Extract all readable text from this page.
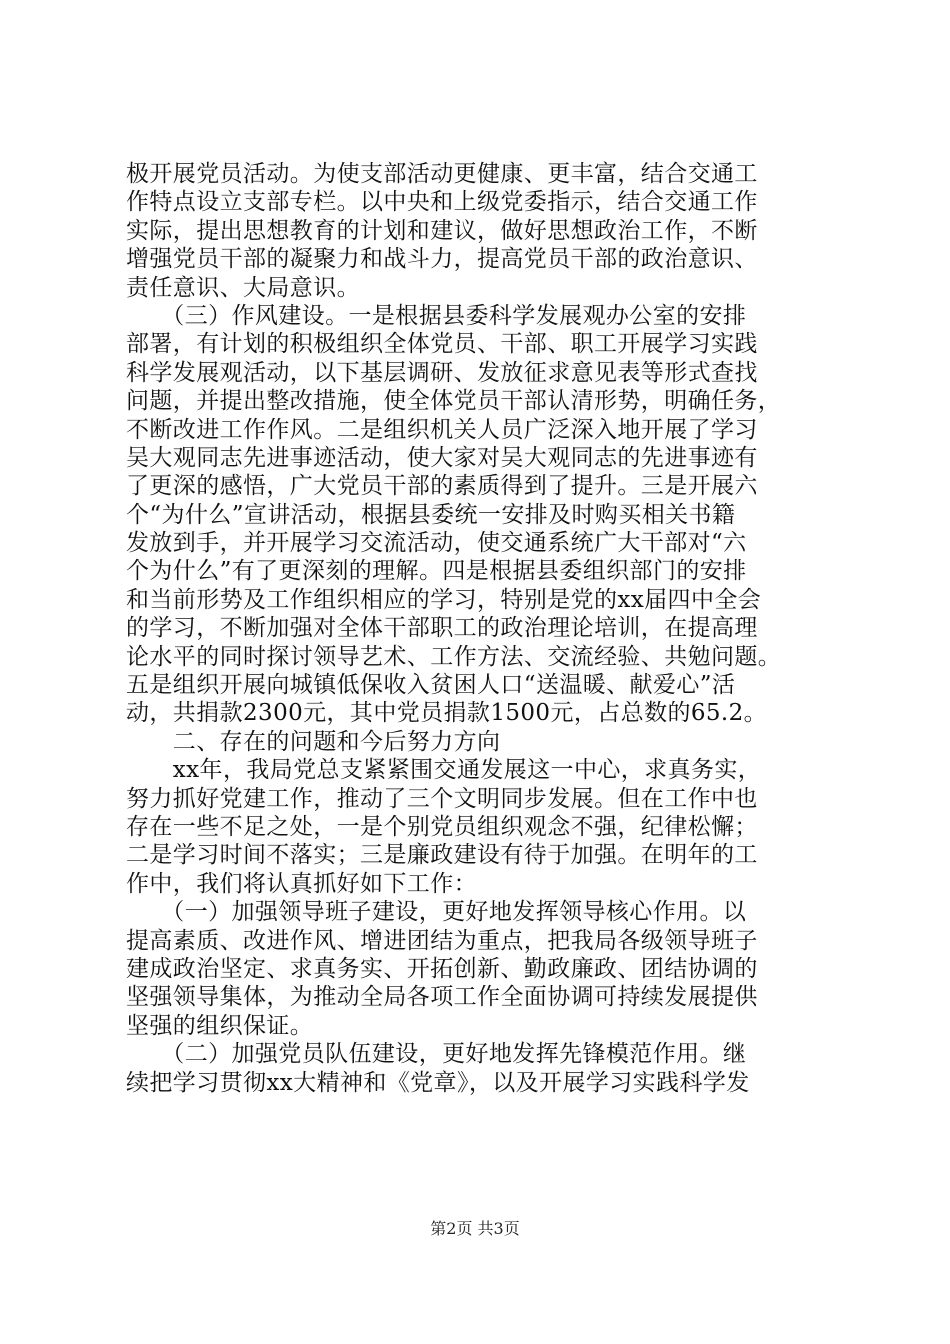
极开展党员活动。为使支部活动更健康、更丰富，结合交通工
作特点设立支部专栏。以中央和上级党委指示，结合交通工作
实际，提出思想教育的计划和建议，做好思想政治工作，不断
增强党员干部的凝聚力和战斗力，提高党员干部的政治意识、
责任意识、大局意识。
　　（三）作风建设。一是根据县委科学发展观办公室的安排
部署，有计划的积极组织全体党员、干部、职工开展学习实践
科学发展观活动，以下基层调研、发放征求意见表等形式查找
问题，并提出整改措施，使全体党员干部认清形势，明确任务，
不断改进工作作风。二是组织机关人员广泛深入地开展了学习
吴大观同志先进事迹活动，使大家对吴大观同志的先进事迹有
了更深的感悟，广大党员干部的素质得到了提升。三是开展六
个“为什么”宣讲活动，根据县委统一安排及时购买相关书籍
发放到手，并开展学习交流活动，使交通系统广大干部对“六
个为什么”有了更深刻的理解。四是根据县委组织部门的安排
和当前形势及工作组织相应的学习，特别是党的xx届四中全会
的学习，不断加强对全体干部职工的政治理论培训，在提高理
论水平的同时探讨领导艺术、工作方法、交流经验、共勉问题。
五是组织开展向城镇低保收入贫困人口“送温暖、献爱心”活
动，共捐款2300元，其中党员捐款1500元，占总数的65.2。
　　二、存在的问题和今后努力方向
　　xx年，我局党总支紧紧围交通发展这一中心，求真务实，
努力抓好党建工作，推动了三个文明同步发展。但在工作中也
存在一些不足之处，一是个别党员组织观念不强，纪律松懈；
二是学习时间不落实；三是廉政建设有待于加强。在明年的工
作中，我们将认真抓好如下工作：
　　（一）加强领导班子建设，更好地发挥领导核心作用。以
提高素质、改进作风、增进团结为重点，把我局各级领导班子
建成政治坚定、求真务实、开拓创新、勤政廉政、团结协调的
坚强领导集体，为推动全局各项工作全面协调可持续发展提供
坚强的组织保证。
　　（二）加强党员队伍建设，更好地发挥先锋模范作用。继
续把学习贯彻xx大精神和《党章》，以及开展学习实践科学发
第2页 共3页
